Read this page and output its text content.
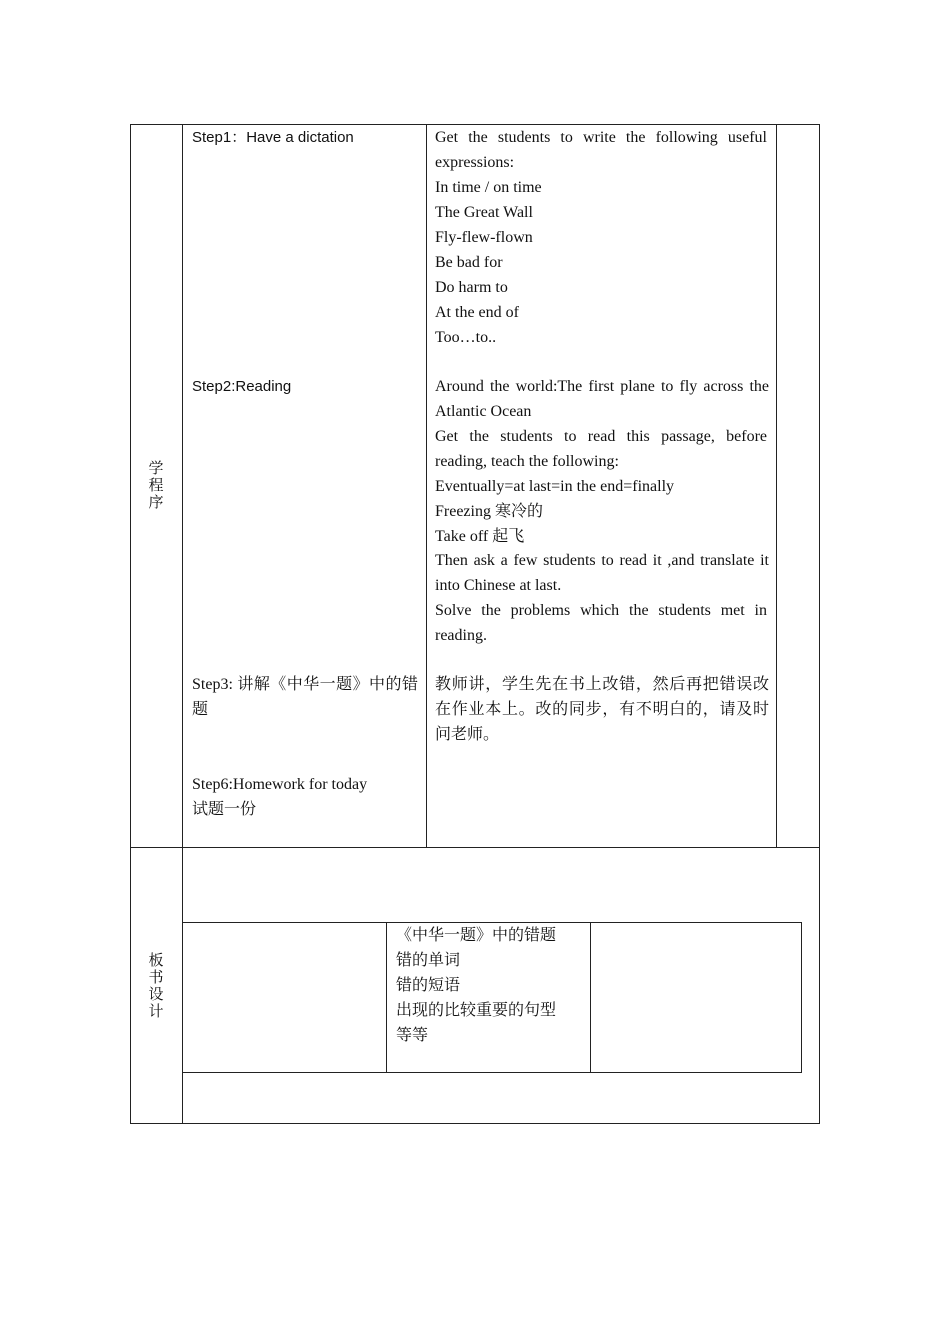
学
程
序
板
书
设
计
Step1：Have a dictation
Step2:Reading
Step3: 讲解《中华一题》中的错题
Step6:Homework for today
试题一份
Get the students to write the following useful expressions:
In time / on time
The Great Wall
Fly-flew-flown
Be bad for
Do harm to
At the end of
Too…to..
Around the world:The first plane to fly across the Atlantic Ocean
Get the students to read this passage, before reading, teach the following:
Eventually=at last=in the end=finally
Freezing 寒冷的
Take off 起飞
Then ask a few students to read it ,and translate it into Chinese at last.
Solve the problems which the students met in reading.
教师讲，学生先在书上改错，然后再把错误改在作业本上。改的同步，有不明白的，请及时问老师。
《中华一题》中的错题
错的单词
错的短语
出现的比较重要的句型
等等
